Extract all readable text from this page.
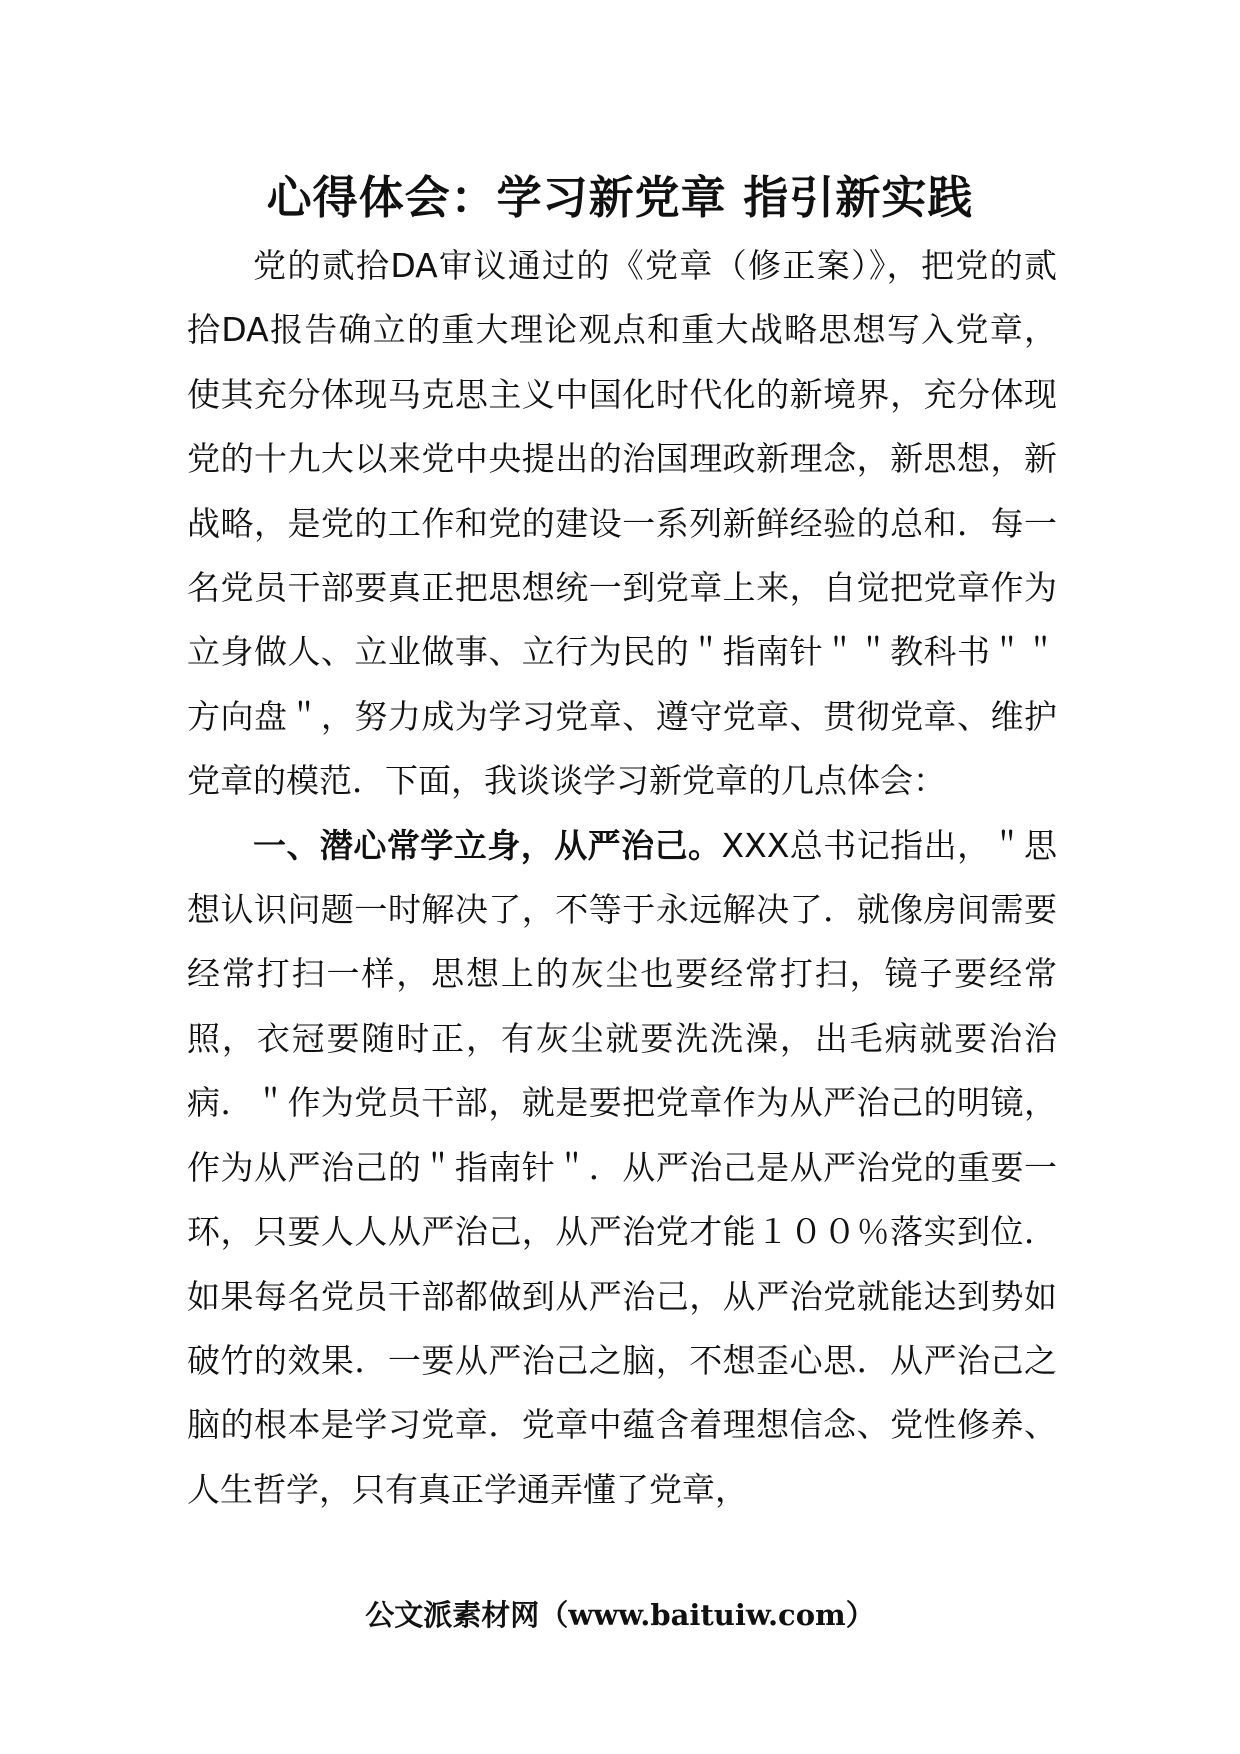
心得体会：学习新党章 指引新实践

党的贰拾DA审议通过的《党章（修正案）》，把党的贰拾DA报告确立的重大理论观点和重大战略思想写入党章，使其充分体现马克思主义中国化时代化的新境界，充分体现党的十九大以来党中央提出的治国理政新理念，新思想，新战略，是党的工作和党的建设一系列新鲜经验的总和．每一名党员干部要真正把思想统一到党章上来，自觉把党章作为立身做人、立业做事、立行为民的＂指南针＂＂教科书＂＂方向盘＂，努力成为学习党章、遵守党章、贯彻党章、维护党章的模范．下面，我谈谈学习新党章的几点体会：

一、潜心常学立身，从严治己。XXX总书记指出，＂思想认识问题一时解决了，不等于永远解决了．就像房间需要经常打扫一样，思想上的灰尘也要经常打扫，镜子要经常照，衣冠要随时正，有灰尘就要洗洗澡，出毛病就要治治病．＂作为党员干部，就是要把党章作为从严治己的明镜，作为从严治己的＂指南针＂．从严治己是从严治党的重要一环，只要人人从严治己，从严治党才能１００％落实到位．如果每名党员干部都做到从严治己，从严治党就能达到势如破竹的效果．一要从严治己之脑，不想歪心思．从严治己之脑的根本是学习党章．党章中蕴含着理想信念、党性修养、人生哲学，只有真正学通弄懂了党章，

公文派素材网（www.baituiw.com）
